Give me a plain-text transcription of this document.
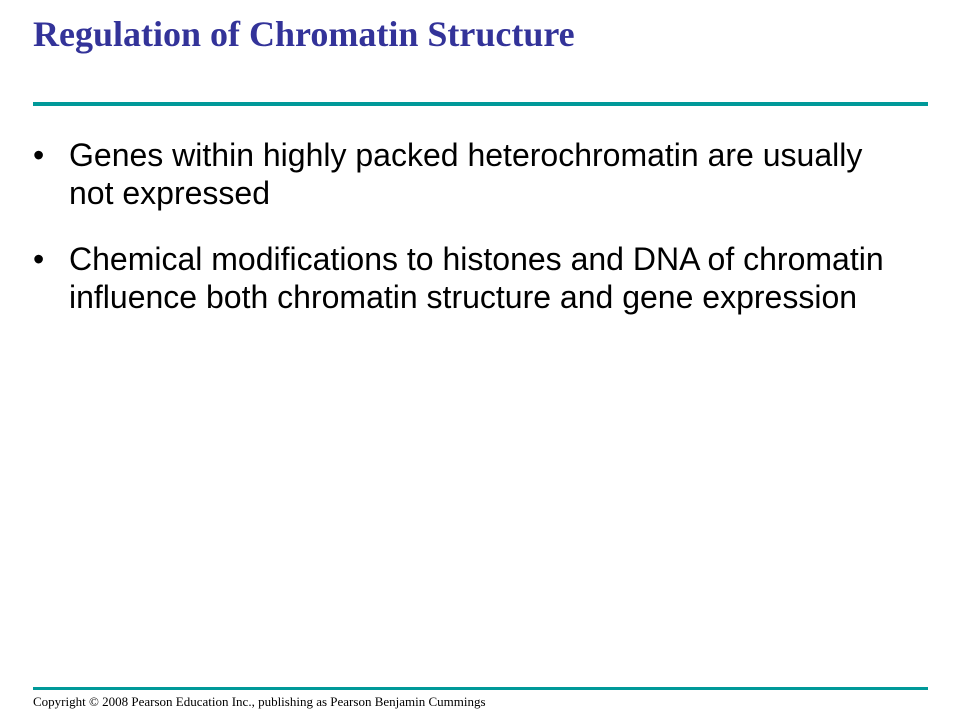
Regulation of Chromatin Structure
• Genes within highly packed heterochromatin are usually not expressed
• Chemical modifications to histones and DNA of chromatin influence both chromatin structure and gene expression
Copyright © 2008 Pearson Education Inc., publishing as Pearson Benjamin Cummings
